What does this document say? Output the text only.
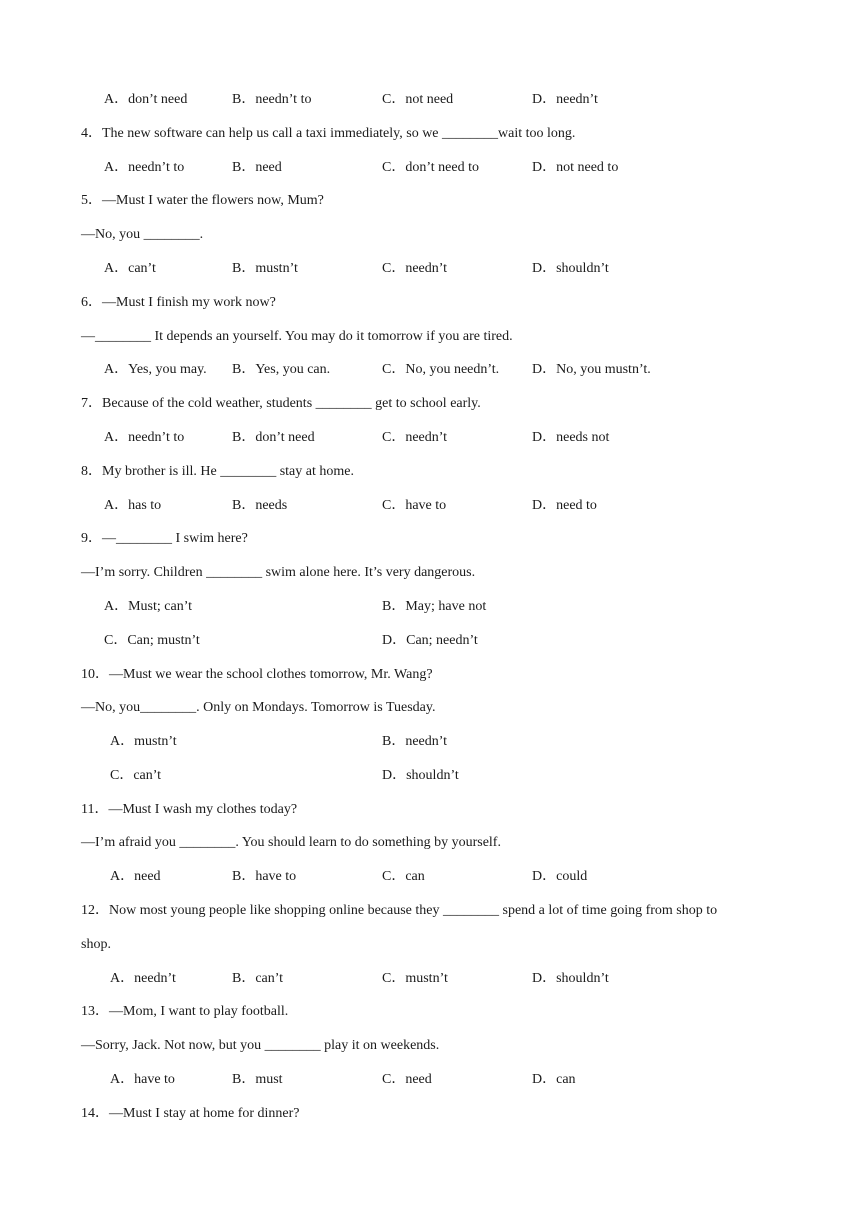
A．don’t need	B．needn’t to	C．not need	D．needn’t
4．The new software can help us call a taxi immediately, so we ________wait too long.
A．needn’t to	B．need	C．don’t need to	D．not need to
5．—Must I water the flowers now, Mum?
—No, you ________.
A．can’t	B．mustn’t	C．needn’t	D．shouldn’t
6．—Must I finish my work now?
—________ It depends an yourself. You may do it tomorrow if you are tired.
A．Yes, you may. B．Yes, you can.	C．No, you needn’t. D．No, you mustn’t.
7．Because of the cold weather, students ________ get to school early.
A．needn’t to	B．don’t need	C．needn’t	D．needs not
8．My brother is ill. He ________ stay at home.
A．has to	B．needs	C．have to	D．need to
9．—________ I swim here?
—I’m sorry. Children ________ swim alone here. It’s very dangerous.
A．Must; can’t	B．May; have not
C．Can; mustn’t	D．Can; needn’t
10．—Must we wear the school clothes tomorrow, Mr. Wang?
—No, you________. Only on Mondays. Tomorrow is Tuesday.
A．mustn’t	B．needn’t
C．can’t	D．shouldn’t
11．—Must I wash my clothes today?
—I’m afraid you ________. You should learn to do something by yourself.
A．need	B．have to	C．can	D．could
12．Now most young people like shopping online because they ________ spend a lot of time going from shop to
shop.
A．needn’t	B．can’t	C．mustn’t	D．shouldn’t
13．—Mom, I want to play football.
—Sorry, Jack. Not now, but you ________ play it on weekends.
A．have to	B．must	C．need	D．can
14．—Must I stay at home for dinner?
